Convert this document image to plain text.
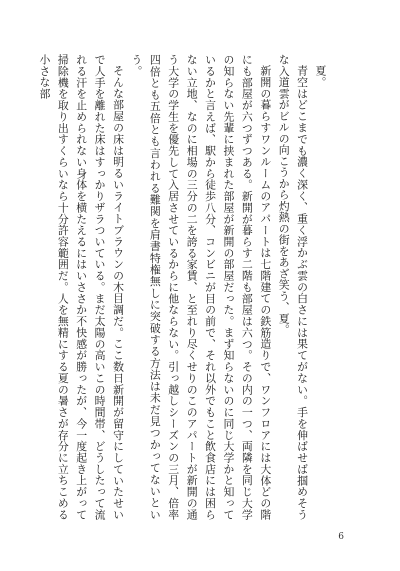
夏。

青空はどこまでも濃く深く、重く浮かぶ雲の白さには果てがない。手を伸ばせば掴めそうな入道雲がビルの向こうから灼熱の街をあざ笑う、夏。

新開の暮らすワンルームのアパートは七階建ての鉄筋造りで、ワンフロアには大体どの階にも部屋が六つずつある。新開が暮らす二階も部屋は六つ。その内の一つ、両隣を同じ大学の知らない先輩に挟まれた部屋が新開の部屋だった。まず知らないのに同じ大学かと知っているかと言えば、駅から徒歩八分、コンビニが目の前で、それ以外でもこと飲食店には困らない立地、なのに相場の三分の二を誇る家賃、と至れり尽くせりのこのアパートが新開の通う大学の学生を優先して入居させているからに他ならない。引っ越しシーズンの三月、倍率四倍とも五倍とも言われる難関を肩書特権無しに突破する方法は未だ見つかってないという。

そんな部屋の床は明るいライトブラウンの木目調だ。ここ数日新開が留守にしていたせいで人手を離れた床はすっかりザラついている。まだ太陽の高いこの時間帯、どうしたって流れる汗を止められない身体を横たえるにはいささか不快感が勝ったが、今一度起き上がって掃除機を取り出すくらいなら十分許容範囲だ。人を無精にする夏の暑さが存分に立ちこめる小さな部

6
